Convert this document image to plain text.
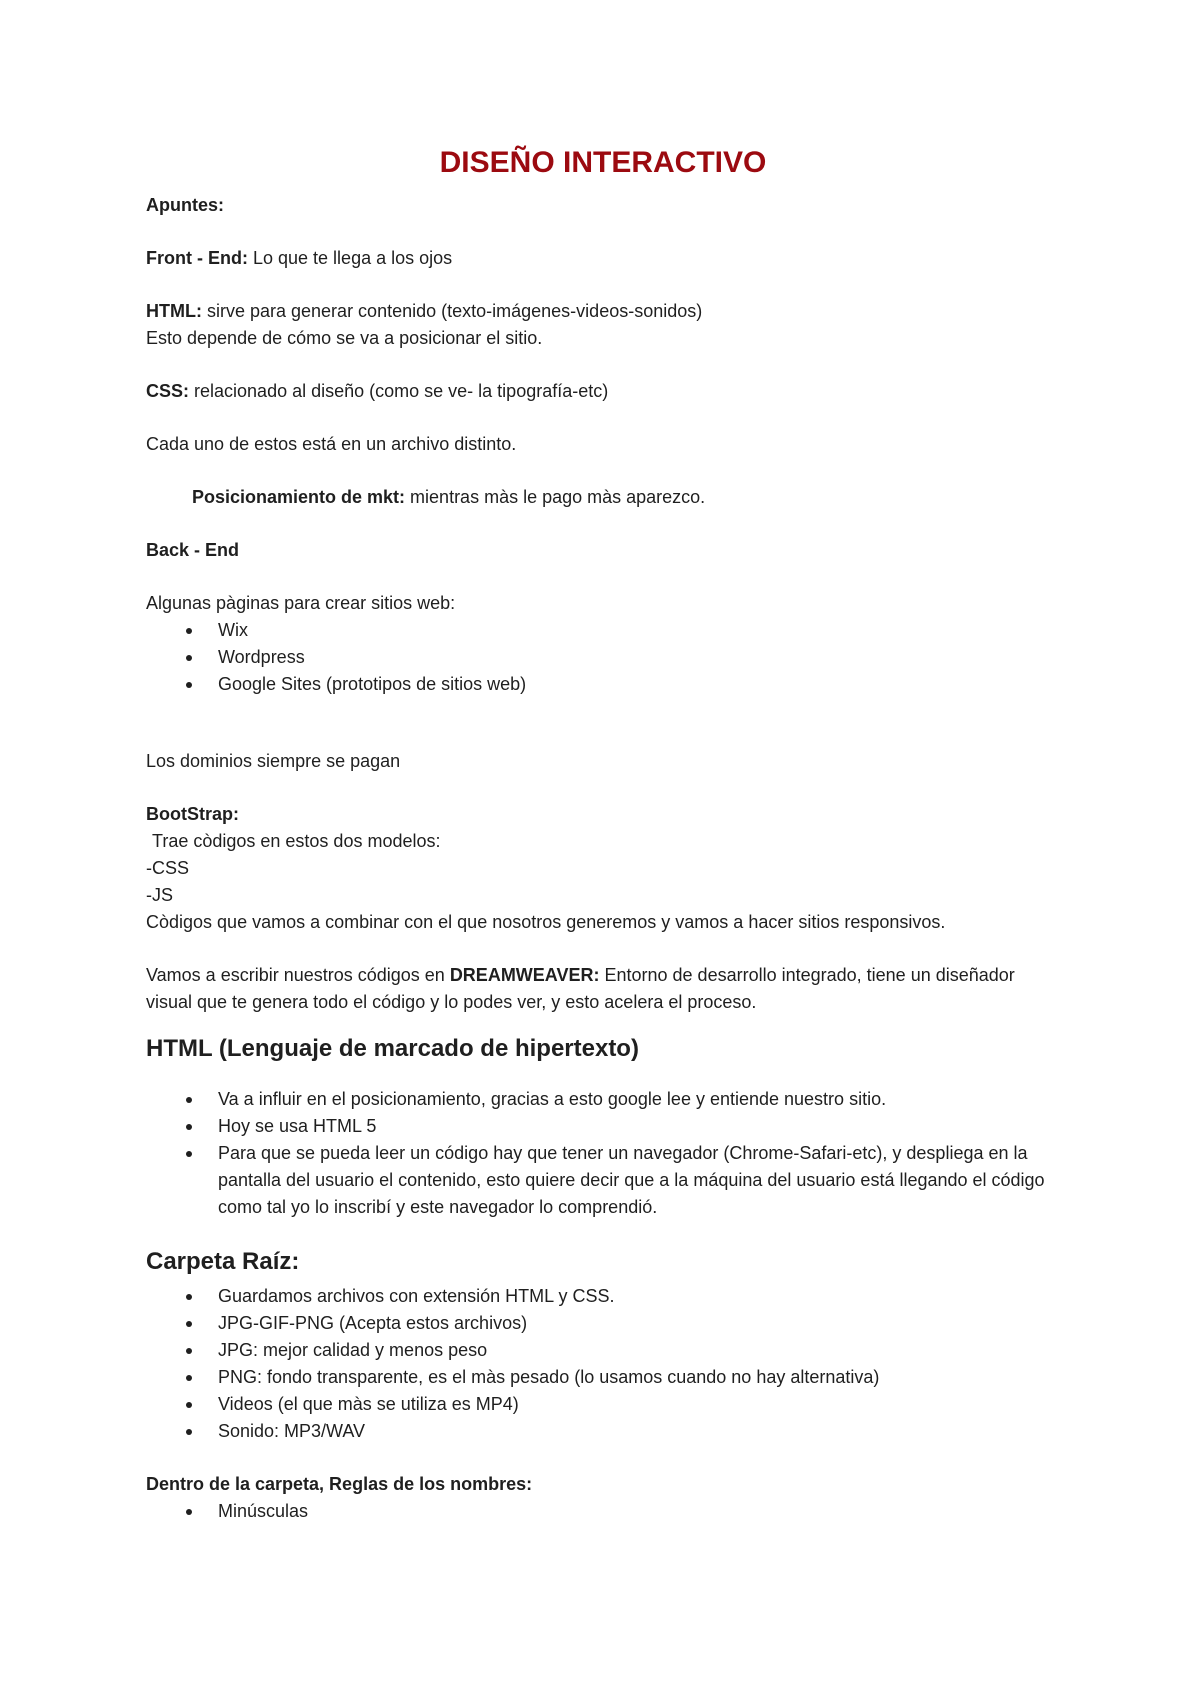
DISEÑO INTERACTIVO

Apuntes:

Front - End: Lo que te llega a los ojos

HTML: sirve para generar contenido (texto-imágenes-videos-sonidos)

Esto depende de cómo se va a posicionar el sitio.

CSS: relacionado al diseño (como se ve- la tipografía-etc)

Cada uno de estos está en un archivo distinto.

Posicionamiento de mkt: mientras màs le pago màs aparezco.

Back - End

Algunas pàginas para crear sitios web:

Wix
Wordpress
Google Sites (prototipos de sitios web)

Los dominios siempre se pagan

BootStrap:

Trae còdigos en estos dos modelos:

-CSS

-JS

Còdigos que vamos a combinar con el que nosotros generemos y vamos a hacer sitios responsivos.

Vamos a escribir nuestros códigos en DREAMWEAVER: Entorno de desarrollo integrado, tiene un diseñador visual que te genera todo el código y lo podes ver, y esto acelera el proceso.

HTML (Lenguaje de marcado de hipertexto)
Va a influir en el posicionamiento, gracias a esto google lee y entiende nuestro sitio.
Hoy se usa HTML 5
Para que se pueda leer un código hay que tener un navegador (Chrome-Safari-etc), y despliega en la pantalla del usuario el contenido, esto quiere decir que a la máquina del usuario está llegando el código como tal yo lo inscribí y este navegador lo comprendió.
Carpeta Raíz:
Guardamos archivos con extensión HTML y CSS.
JPG-GIF-PNG (Acepta estos archivos)
JPG: mejor calidad y menos peso
PNG: fondo transparente, es el màs pesado (lo usamos cuando no hay alternativa)
Videos (el que màs se utiliza es MP4)
Sonido: MP3/WAV

Dentro de la carpeta, Reglas de los nombres:

Minúsculas
